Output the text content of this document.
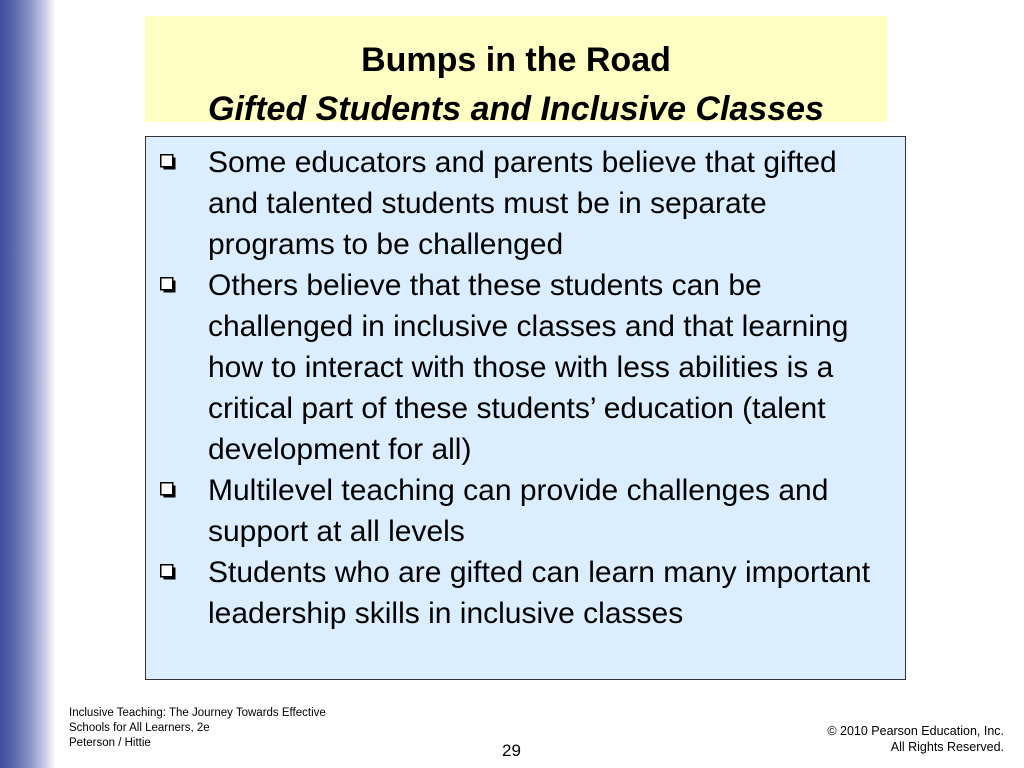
Bumps in the Road
Gifted Students and Inclusive Classes
Some educators and parents believe that gifted and talented students must be in separate programs to be challenged
Others believe that these students can be challenged in inclusive classes and that learning how to interact with those with less abilities is a critical part of these students’ education (talent development for all)
Multilevel teaching can provide challenges and support at all levels
Students who are gifted can learn many important leadership skills in inclusive classes
Inclusive Teaching: The Journey Towards Effective
Schools for All Learners, 2e
Peterson / Hittie	29
© 2010 Pearson Education, Inc.
All Rights Reserved.
